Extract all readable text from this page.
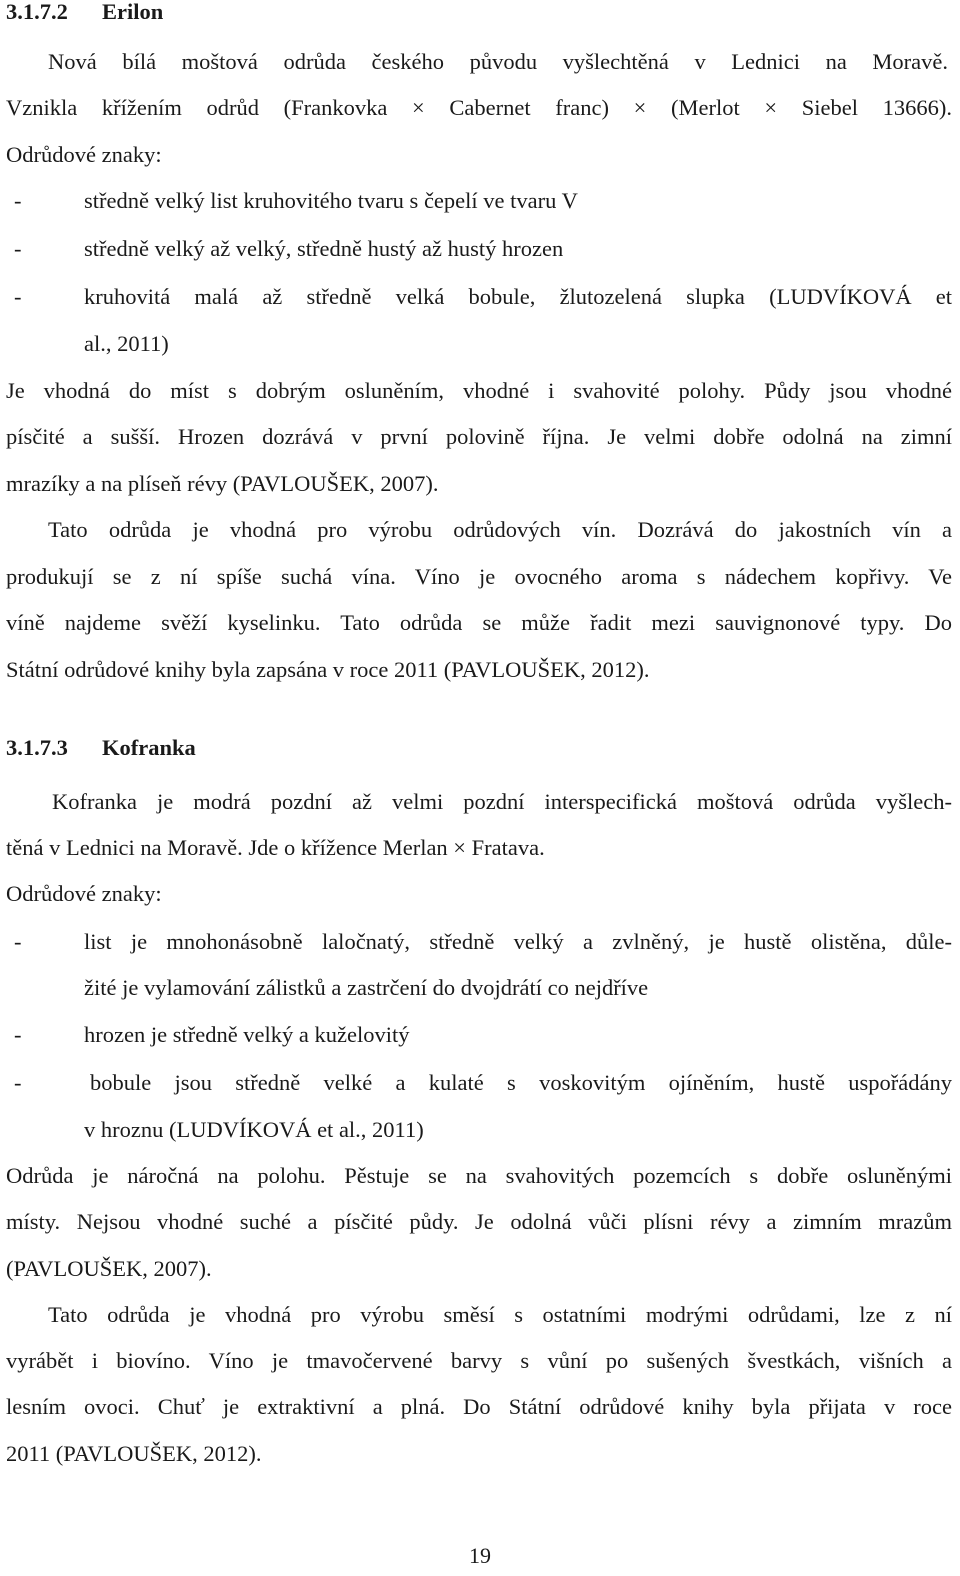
3.1.7.2 Erilon
Nová bílá moštová odrůda českého původu vyšlechtěná v Lednici na Moravě.
Vznikla křížením odrůd (Frankovka × Cabernet franc) × (Merlot × Siebel 13666).
Odrůdové znaky:
středně velký list kruhovitého tvaru s čepelí ve tvaru V
-
středně velký až velký, středně hustý až hustý hrozen
-
kruhovitá malá až středně velká bobule, žlutozelená slupka (LUDVÍKOVÁ et
-
al., 2011)
Je vhodná do míst s dobrým osluněním, vhodné i svahovité polohy. Půdy jsou vhodné
písčité a sušší. Hrozen dozrává v první polovině října. Je velmi dobře odolná na zimní
mrazíky a na plíseň révy (PAVLOUŠEK, 2007).
Tato odrůda je vhodná pro výrobu odrůdových vín. Dozrává do jakostních vín a
produkují se z ní spíše suchá vína. Víno je ovocného aroma s nádechem kopřivy. Ve
víně najdeme svěží kyselinku. Tato odrůda se může řadit mezi sauvignonové typy. Do
Státní odrůdové knihy byla zapsána v roce 2011 (PAVLOUŠEK, 2012).
3.1.7.3 Kofranka
Kofranka je modrá pozdní až velmi pozdní interspecifická moštová odrůda vyšlech-
těná v Lednici na Moravě. Jde o křížence Merlan × Fratava.
Odrůdové znaky:
list je mnohonásobně laločnatý, středně velký a zvlněný, je hustě olistěna, důle-
-
žité je vylamování zálistků a zastrčení do dvojdrátí co nejdříve
hrozen je středně velký a kuželovitý
-
bobule jsou středně velké a kulaté s voskovitým ojíněním, hustě uspořádány
-
v hroznu (LUDVÍKOVÁ et al., 2011)
Odrůda je náročná na polohu. Pěstuje se na svahovitých pozemcích s dobře osluněnými
místy. Nejsou vhodné suché a písčité půdy. Je odolná vůči plísni révy a zimním mrazům
(PAVLOUŠEK, 2007).
Tato odrůda je vhodná pro výrobu směsí s ostatními modrými odrůdami, lze z ní
vyrábět i biovíno. Víno je tmavočervené barvy s vůní po sušených švestkách, višních a
lesním ovoci. Chuť je extraktivní a plná. Do Státní odrůdové knihy byla přijata v roce
2011 (PAVLOUŠEK, 2012).
19
